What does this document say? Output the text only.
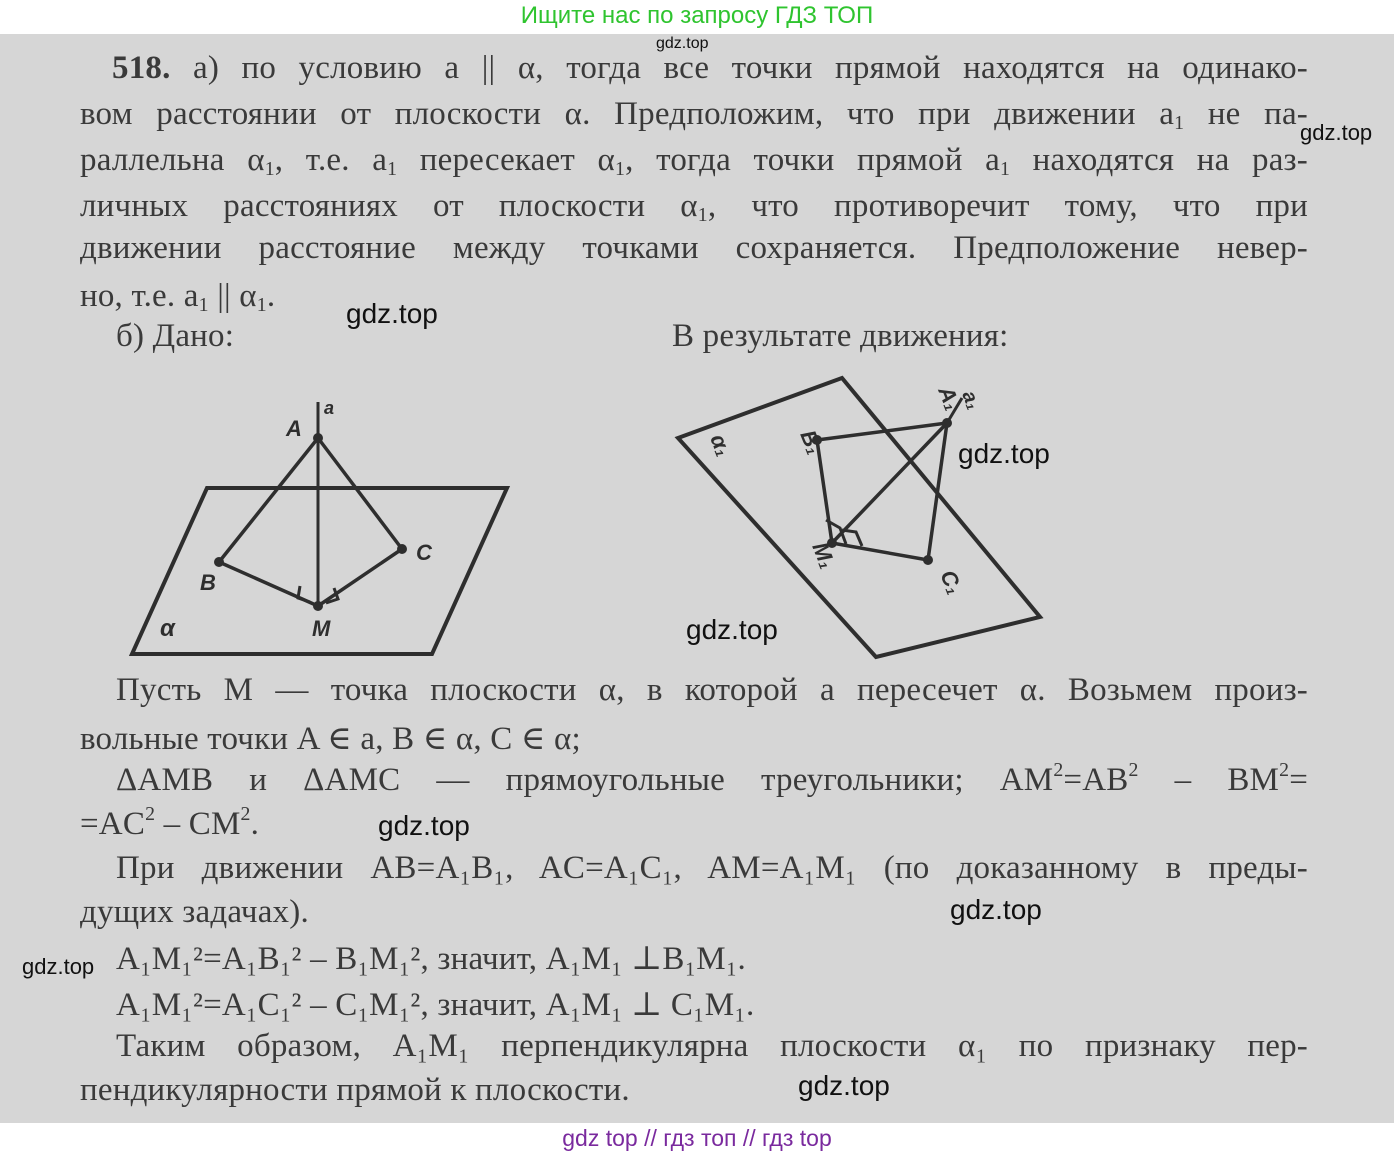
Ищите нас по запросу ГДЗ ТОП
518. а) по условию a || α, тогда все точки прямой находятся на одинако-
вом расстоянии от плоскости α. Предположим, что при движении $a_1$ не па-
раллельна $\alpha_1$, т.е. $a_1$ пересекает $\alpha_1$, тогда точки прямой $a_1$ находятся на раз-
личных расстояниях от плоскости $\alpha_1$, что противоречит тому, что при
движении расстояние между точками сохраняется. Предположение невер-
но, т.е. $a_1$ || $\alpha_1$.
б) Дано:	В результате движения:
a
A
B
C
M
α
A₁
a₁
B₁
M₁
C₁
α₁
Пусть M — точка плоскости α, в которой a пересечет α. Возьмем произ-
вольные точки A ∈ a, B ∈ α, C ∈ α;
ΔAMB и ΔAMC — прямоугольные треугольники; $AM^2=AB^2 - BM^2=$
$=AC^2 - CM^2$.
При движении AB=A₁B₁, AC=A₁C₁, AM=A₁M₁ (по доказанному в преды-
дущих задачах).
A₁M₁²=A₁B₁² – B₁M₁², значит, A₁M₁ ⊥B₁M₁.
A₁M₁²=A₁C₁² – C₁M₁², значит, A₁M₁ ⊥ C₁M₁.
Таким образом, A₁M₁ перпендикулярна плоскости α₁ по признаку пер-
пендикулярности прямой к плоскости.
gdz.top
gdz.top
gdz.top
gdz.top
gdz.top
gdz.top
gdz.top
gdz.top
gdz.top
gdz top // гдз топ // гдз top
